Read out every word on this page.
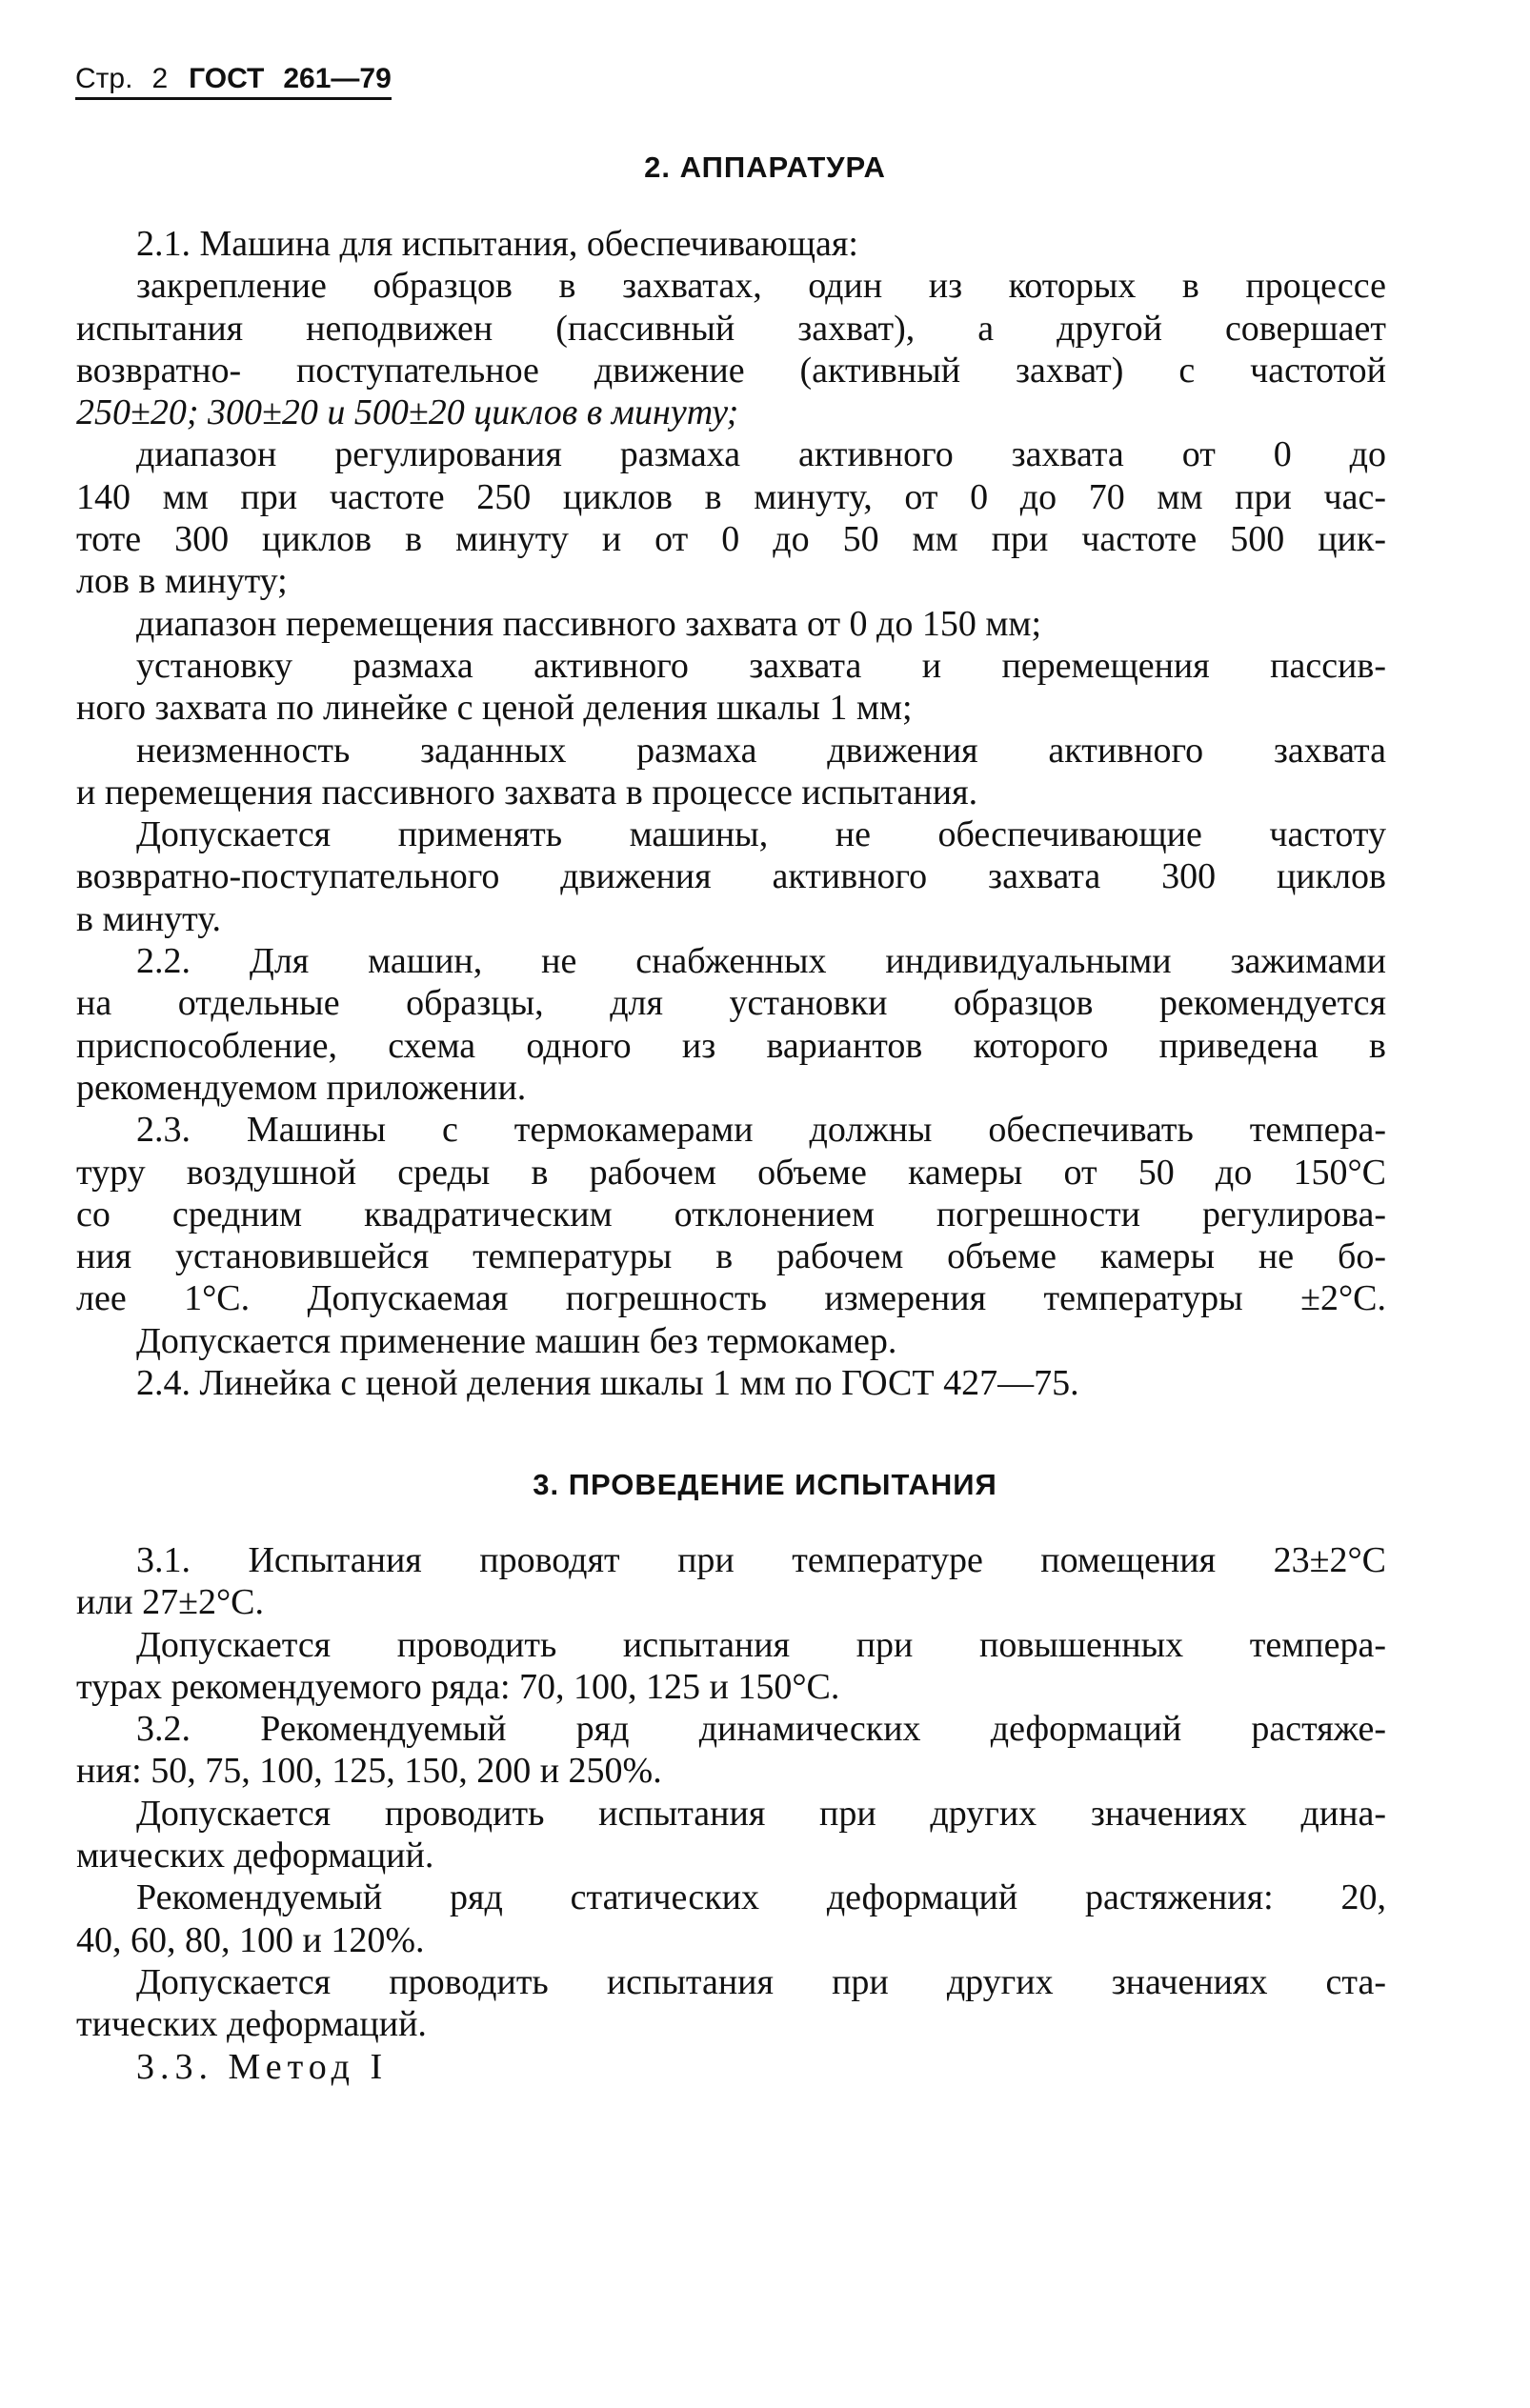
Стр. 2 ГОСТ 261—79
2. АППАРАТУРА
2.1. Машина для испытания, обеспечивающая:
закрепление образцов в захватах, один из которых в процессе
испытания неподвижен (пассивный захват), а другой совершает
возвратно- поступательное движение (активный захват) с частотой
250±20; 300±20 и 500±20 циклов в минуту;
диапазон регулирования размаха активного захвата от 0 до
140 мм при частоте 250 циклов в минуту, от 0 до 70 мм при час-
тоте 300 циклов в минуту и от 0 до 50 мм при частоте 500 цик-
лов в минуту;
диапазон перемещения пассивного захвата от 0 до 150 мм;
установку размаха активного захвата и перемещения пассив-
ного захвата по линейке с ценой деления шкалы 1 мм;
неизменность заданных размаха движения активного захвата
и перемещения пассивного захвата в процессе испытания.
Допускается применять машины, не обеспечивающие частоту
возвратно-поступательного движения активного захвата 300 циклов
в минуту.
2.2. Для машин, не снабженных индивидуальными зажимами
на отдельные образцы, для установки образцов рекомендуется
приспособление, схема одного из вариантов которого приведена в
рекомендуемом приложении.
2.3. Машины с термокамерами должны обеспечивать темпера-
туру воздушной среды в рабочем объеме камеры от 50 до 150°С
со средним квадратическим отклонением погрешности регулирова-
ния установившейся температуры в рабочем объеме камеры не бо-
лее 1°С. Допускаемая погрешность измерения температуры ±2°С.
Допускается применение машин без термокамер.
2.4. Линейка с ценой деления шкалы 1 мм по ГОСТ 427—75.
3. ПРОВЕДЕНИЕ ИСПЫТАНИЯ
3.1. Испытания проводят при температуре помещения 23±2°С
или 27±2°С.
Допускается проводить испытания при повышенных темпера-
турах рекомендуемого ряда: 70, 100, 125 и 150°С.
3.2. Рекомендуемый ряд динамических деформаций растяже-
ния: 50, 75, 100, 125, 150, 200 и 250%.
Допускается проводить испытания при других значениях дина-
мических деформаций.
Рекомендуемый ряд статических деформаций растяжения: 20,
40, 60, 80, 100 и 120%.
Допускается проводить испытания при других значениях ста-
тических деформаций.
3.3. Метод I
